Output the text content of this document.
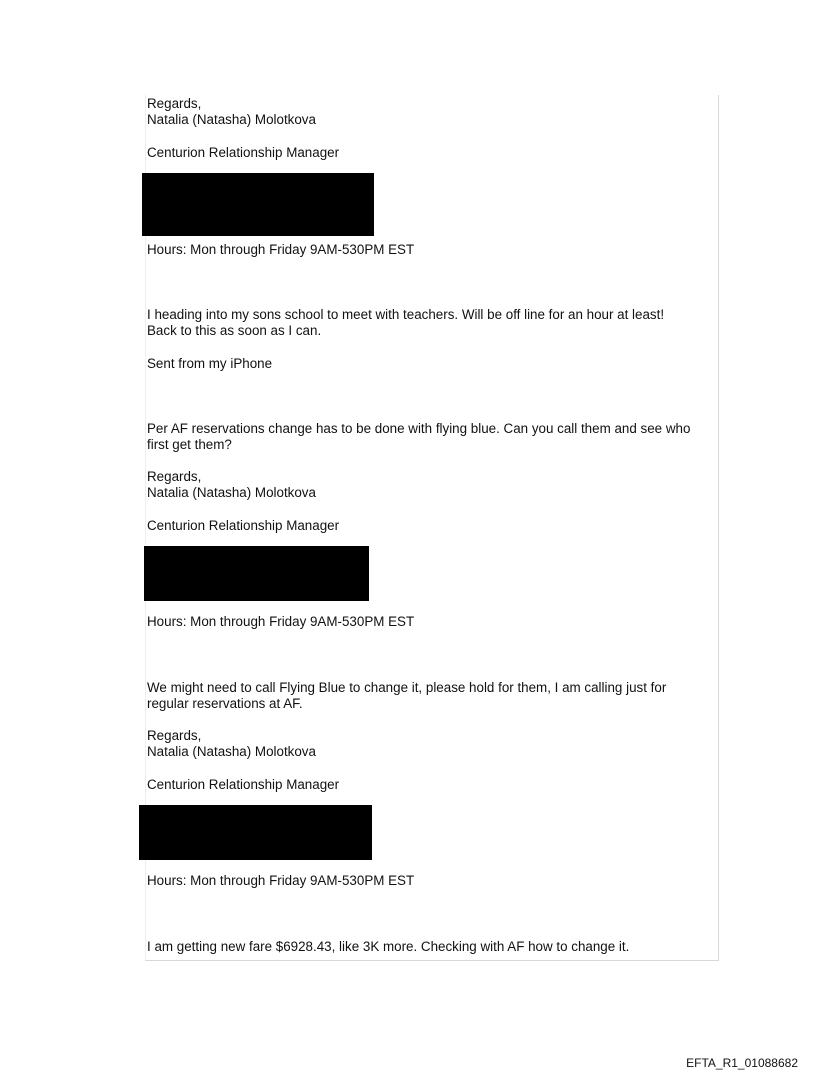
Regards,

Natalia (Natasha) Molotkova

Centurion Relationship Manager

Hours: Mon through Friday 9AM-530PM EST

I heading into my sons school to meet with teachers. Will be off line for an hour at least!

Back to this as soon as I can.

Sent from my iPhone

Per AF reservations change has to be done with flying blue. Can you call them and see who

first get them?

Regards,

Natalia (Natasha) Molotkova

Centurion Relationship Manager

Hours: Mon through Friday 9AM-530PM EST

We might need to call Flying Blue to change it, please hold for them, I am calling just for

regular reservations at AF.

Regards,

Natalia (Natasha) Molotkova

Centurion Relationship Manager

Hours: Mon through Friday 9AM-530PM EST

I am getting new fare $6928.43, like 3K more. Checking with AF how to change it.

EFTA_R1_01088682
